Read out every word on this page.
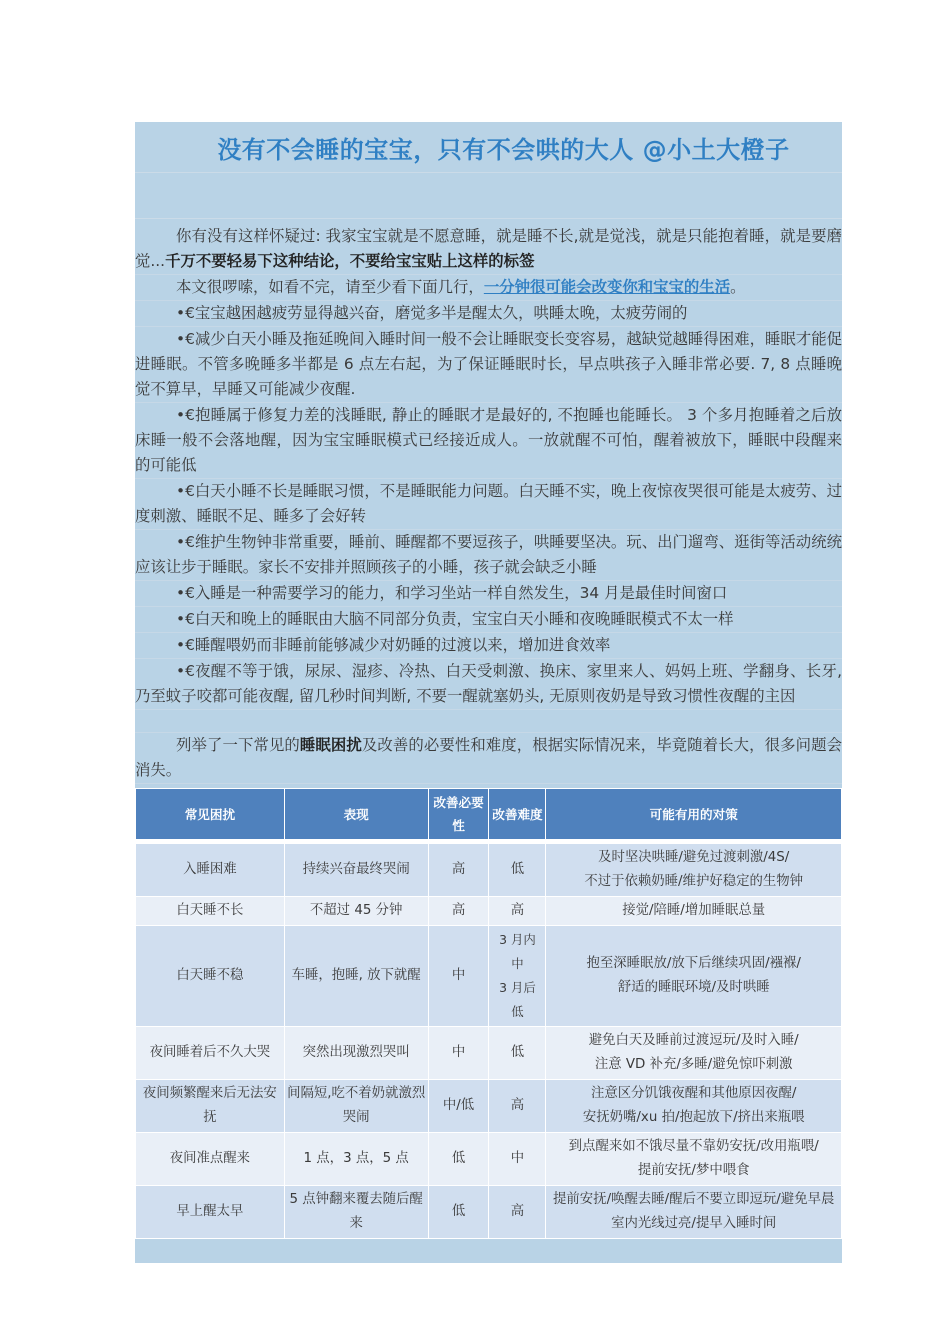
没有不会睡的宝宝，只有不会哄的大人 @小土大橙子

你有没有这样怀疑过: 我家宝宝就是不愿意睡，就是睡不长,就是觉浅，就是只能抱着睡，就是要磨觉...千万不要轻易下这种结论，不要给宝宝贴上这样的标签

本文很啰嗦，如看不完，请至少看下面几行，一分钟很可能会改变你和宝宝的生活。

•€宝宝越困越疲劳显得越兴奋，磨觉多半是醒太久，哄睡太晚，太疲劳闹的

•€减少白天小睡及拖延晚间入睡时间一般不会让睡眠变长变容易，越缺觉越睡得困难，睡眠才能促进睡眠。不管多晚睡多半都是 6 点左右起，为了保证睡眠时长，早点哄孩子入睡非常必要. 7, 8 点睡晚觉不算早，早睡又可能减少夜醒.

•€抱睡属于修复力差的浅睡眠, 静止的睡眠才是最好的, 不抱睡也能睡长。 3 个多月抱睡着之后放床睡一般不会落地醒，因为宝宝睡眠模式已经接近成人。一放就醒不可怕，醒着被放下，睡眠中段醒来的可能低

•€白天小睡不长是睡眠习惯，不是睡眠能力问题。白天睡不实，晚上夜惊夜哭很可能是太疲劳、过度刺激、睡眠不足、睡多了会好转

•€维护生物钟非常重要，睡前、睡醒都不要逗孩子，哄睡要坚决。玩、出门遛弯、逛街等活动统统应该让步于睡眠。家长不安排并照顾孩子的小睡，孩子就会缺乏小睡

•€入睡是一种需要学习的能力，和学习坐站一样自然发生，34 月是最佳时间窗口

•€白天和晚上的睡眠由大脑不同部分负责，宝宝白天小睡和夜晚睡眠模式不太一样

•€睡醒喂奶而非睡前能够减少对奶睡的过渡以来，增加进食效率

•€夜醒不等于饿，尿尿、湿疹、冷热、白天受刺激、换床、家里来人、妈妈上班、学翻身、长牙,乃至蚊子咬都可能夜醒, 留几秒时间判断, 不要一醒就塞奶头, 无原则夜奶是导致习惯性夜醒的主因

列举了一下常见的睡眠困扰及改善的必要性和难度，根据实际情况来，毕竟随着长大，很多问题会消失。

常见困扰	表现	改善必要性	改善难度	可能有用的对策

入睡困难	持续兴奋最终哭闹	高	低	及时坚决哄睡/避免过渡刺激/4S/
不过于依赖奶睡/维护好稳定的生物钟
白天睡不长	不超过 45 分钟	高	高	接觉/陪睡/增加睡眠总量
白天睡不稳	车睡，抱睡, 放下就醒	中	3 月内 中
3 月后 低	抱至深睡眠放/放下后继续巩固/襁褓/
舒适的睡眠环境/及时哄睡
夜间睡着后不久大哭	突然出现激烈哭叫	中	低	避免白天及睡前过渡逗玩/及时入睡/
注意 VD 补充/多睡/避免惊吓刺激
夜间频繁醒来后无法安抚	间隔短,吃不着奶就激烈哭闹	中/低	高	注意区分饥饿夜醒和其他原因夜醒/
安抚奶嘴/xu 拍/抱起放下/挤出来瓶喂
夜间准点醒来	1 点，3 点，5 点	低	中	到点醒来如不饿尽量不靠奶安抚/改用瓶喂/
提前安抚/梦中喂食
早上醒太早	5 点钟翻来覆去随后醒来	低	高	提前安抚/唤醒去睡/醒后不要立即逗玩/避免早晨室内光线过亮/提早入睡时间
